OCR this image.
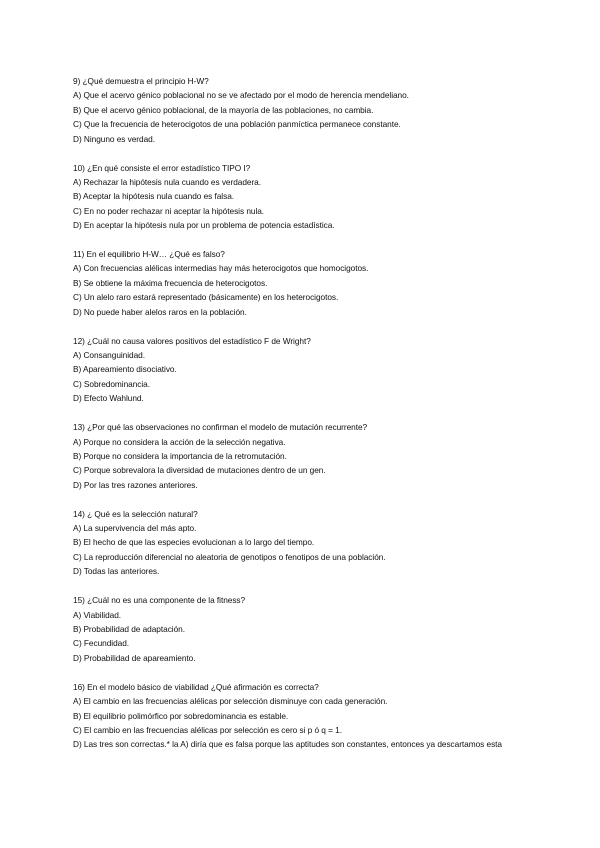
9) ¿Qué demuestra el principio H-W?
A) Que el acervo génico poblacional no se ve afectado por el modo de herencia mendeliano.
B) Que el acervo génico poblacional, de la mayoría de las poblaciones, no cambia.
C) Que la frecuencia de heterocigotos de una población panmíctica permanece constante.
D) Ninguno es verdad.
10) ¿En qué consiste el error estadístico TIPO I?
A) Rechazar la hipótesis nula cuando es verdadera.
B) Aceptar la hipótesis nula cuando es falsa.
C) En no poder rechazar ni aceptar la hipótesis nula.
D) En aceptar la hipótesis nula por un problema de potencia estadística.
11) En el equilibrio H-W… ¿Qué es falso?
A) Con frecuencias alélicas intermedias hay más heterocigotos que homocigotos.
B) Se obtiene la máxima frecuencia de heterocigotos.
C) Un alelo raro estará representado (básicamente) en los heterocigotos.
D) No puede haber alelos raros en la población.
12) ¿Cuál no causa valores positivos del estadístico F de Wright?
A) Consanguinidad.
B) Apareamiento disociativo.
C) Sobredominancia.
D) Efecto Wahlund.
13) ¿Por qué las observaciones no confirman el modelo de mutación recurrente?
A) Porque no considera la acción de la selección negativa.
B) Porque no considera la importancia de la retromutación.
C) Porque sobrevalora la diversidad de mutaciones dentro de un gen.
D) Por las tres razones anteriores.
14) ¿ Qué es la selección natural?
A) La supervivencia del más apto.
B) El hecho de que las especies evolucionan a lo largo del tiempo.
C) La reproducción diferencial no aleatoria de genotipos o fenotipos de una población.
D) Todas las anteriores.
15) ¿Cuál no es una componente de la fitness?
A) Viabilidad.
B) Probabilidad de adaptación.
C) Fecundidad.
D) Probabilidad de apareamiento.
16) En el modelo básico de viabilidad ¿Qué afirmación es correcta?
A) El cambio en las frecuencias alélicas por selección disminuye con cada generación.
B) El equilibrio polimórfico por sobredominancia es estable.
C) El cambio en las frecuencias alélicas por selección es cero si p ó q = 1.
D) Las tres son correctas.* la A) diría que es falsa porque las aptitudes son constantes, entonces ya descartamos esta
